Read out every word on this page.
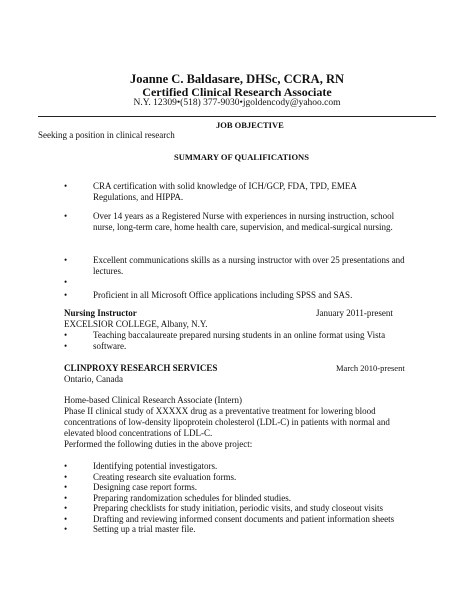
Joanne C. Baldasare, DHSc, CCRA, RN
Certified Clinical Research Associate
N.Y. 12309•(518) 377-9030•jgoldencody@yahoo.com
JOB OBJECTIVE
Seeking a position in clinical research
SUMMARY OF QUALIFICATIONS
•	CRA certification with solid knowledge of ICH/GCP, FDA, TPD, EMEA
Regulations, and HIPPA.
•	Over 14 years as a Registered Nurse with experiences in nursing instruction, school
nurse, long-term care, home health care, supervision, and medical-surgical nursing.
•	Excellent communications skills as a nursing instructor with over 25 presentations and
lectures.
•
•	Proficient in all Microsoft Office applications including SPSS and SAS.
Nursing Instructor	January 2011-present
EXCELSIOR COLLEGE, Albany, N.Y.
•	Teaching baccalaureate prepared nursing students in an online format using Vista
•	software.
CLINPROXY RESEARCH SERVICES	March 2010-present
Ontario, Canada
Home-based Clinical Research Associate (Intern)
Phase II clinical study of XXXXX drug as a preventative treatment for lowering blood
concentrations of low-density lipoprotein cholesterol (LDL-C) in patients with normal and
elevated blood concentrations of LDL-C.
Performed the following duties in the above project:
•	Identifying potential investigators.
•	Creating research site evaluation forms.
•	Designing case report forms.
•	Preparing randomization schedules for blinded studies.
•	Preparing checklists for study initiation, periodic visits, and study closeout visits
•	Drafting and reviewing informed consent documents and patient information sheets
•	Setting up a trial master file.
